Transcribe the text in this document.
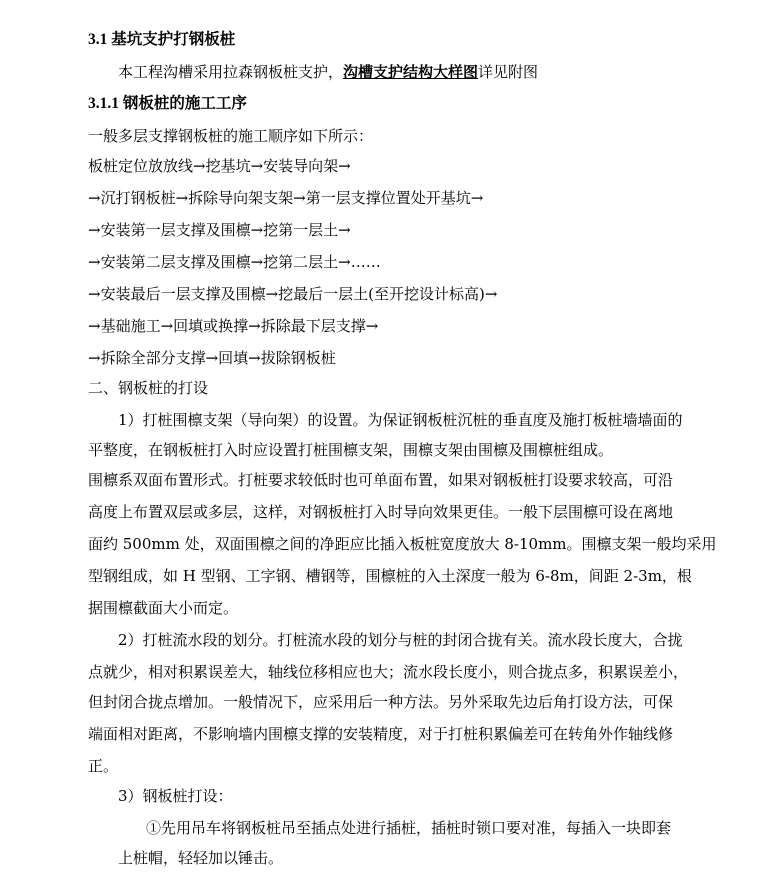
3.1 基坑支护打钢板桩
本工程沟槽采用拉森钢板桩支护，沟槽支护结构大样图详见附图
3.1.1 钢板桩的施工工序
一般多层支撑钢板桩的施工顺序如下所示：
板桩定位放放线→挖基坑→安装导向架→
→沉打钢板桩→拆除导向架支架→第一层支撑位置处开基坑→
→安装第一层支撑及围檩→挖第一层土→
→安装第二层支撑及围檩→挖第二层土→……
→安装最后一层支撑及围檩→挖最后一层土(至开挖设计标高)→
→基础施工→回填或换撑→拆除最下层支撑→
→拆除全部分支撑→回填→拔除钢板桩
二、钢板桩的打设
1）打桩围檩支架（导向架）的设置。为保证钢板桩沉桩的垂直度及施打板桩墙墙面的
平整度，在钢板桩打入时应设置打桩围檩支架，围檩支架由围檩及围檩桩组成。
围檩系双面布置形式。打桩要求较低时也可单面布置，如果对钢板桩打设要求较高，可沿
高度上布置双层或多层，这样，对钢板桩打入时导向效果更佳。一般下层围檩可设在离地
面约 500mm 处，双面围檩之间的净距应比插入板桩宽度放大 8-10mm。围檩支架一般均采用
型钢组成，如 H 型钢、工字钢、槽钢等，围檩桩的入土深度一般为 6-8m，间距 2-3m，根
据围檩截面大小而定。
2）打桩流水段的划分。打桩流水段的划分与桩的封闭合拢有关。流水段长度大，合拢
点就少，相对积累误差大，轴线位移相应也大；流水段长度小，则合拢点多，积累误差小，
但封闭合拢点增加。一般情况下，应采用后一种方法。另外采取先边后角打设方法，可保
端面相对距离，不影响墙内围檩支撑的安装精度，对于打桩积累偏差可在转角外作轴线修
正。
3）钢板桩打设：
①先用吊车将钢板桩吊至插点处进行插桩，插桩时锁口要对准，每插入一块即套
上桩帽，轻轻加以锤击。
